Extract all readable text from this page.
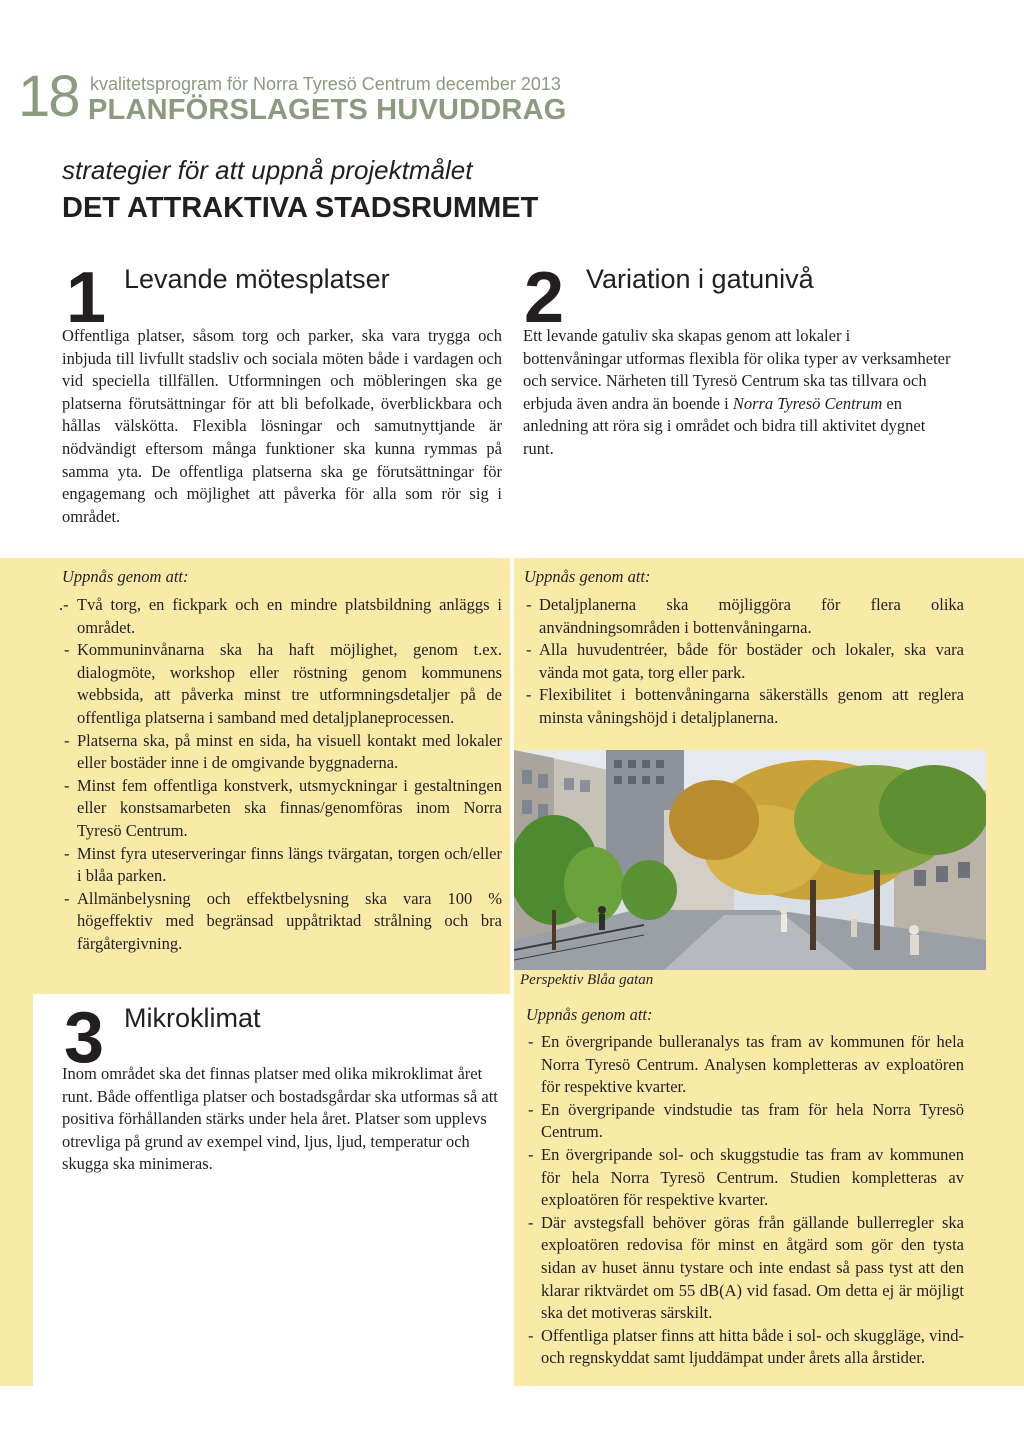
18 kvalitetsprogram för Norra Tyresö Centrum december 2013
PLANFÖRSLAGETS HUVUDDRAG
strategier för att uppnå projektmålet
DET ATTRAKTIVA STADSRUMMET
1 Levande mötesplatser
Offentliga platser, såsom torg och parker, ska vara trygga och inbjuda till livfullt stadsliv och sociala möten både i vardagen och vid speciella tillfällen. Utformningen och möbleringen ska ge platserna förutsättningar för att bli befolkade, överblickbara och hållas välskötta. Flexibla lösningar och samutnyttjande är nödvändigt eftersom många funktioner ska kunna rymmas på samma yta. De offentliga platserna ska ge förutsättningar för engagemang och möjlighet att påverka för alla som rör sig i området.
Uppnås genom att:
.- Två torg, en fickpark och en mindre platsbildning anläggs i området.
- Kommuninvånarna ska ha haft möjlighet, genom t.ex. dialogmöte, workshop eller röstning genom kommunens webbsida, att påverka minst tre utformningsdetaljer på de offentliga platserna i samband med detaljplaneprocessen.
- Platserna ska, på minst en sida, ha visuell kontakt med lokaler eller bostäder inne i de omgivande byggnaderna.
- Minst fem offentliga konstverk, utsmyckningar i gestaltningen eller konstsamarbeten ska finnas/genomföras inom Norra Tyresö Centrum.
- Minst fyra uteserveringar finns längs tvärgatan, torgen och/eller i blåa parken.
- Allmänbelysning och effektbelysning ska vara 100 % högeffektiv med begränsad uppåtriktad strålning och bra färgåtergivning.
2 Variation i gatunivå
Ett levande gatuliv ska skapas genom att lokaler i bottenvåningar utformas flexibla för olika typer av verksamheter och service. Närheten till Tyresö Centrum ska tas tillvara och erbjuda även andra än boende i Norra Tyresö Centrum en anledning att röra sig i området och bidra till aktivitet dygnet runt.
Uppnås genom att:
- Detaljplanerna ska möjliggöra för flera olika användningsområden i bottenvåningarna.
- Alla huvudentréer, både för bostäder och lokaler, ska vara vända mot gata, torg eller park.
- Flexibilitet i bottenvåningarna säkerställs genom att reglera minsta våningshöjd i detaljplanerna.
Perspektiv Blåa gatan
3 Mikroklimat
Inom området ska det finnas platser med olika mikroklimat året runt. Både offentliga platser och bostadsgårdar ska utformas så att positiva förhållanden stärks under hela året. Platser som upplevs otrevliga på grund av exempel vind, ljus, ljud, temperatur och skugga ska minimeras.
Uppnås genom att:
- En övergripande bulleranalys tas fram av kommunen för hela Norra Tyresö Centrum. Analysen kompletteras av exploatören för respektive kvarter.
- En övergripande vindstudie tas fram för hela Norra Tyresö Centrum.
- En övergripande sol- och skuggstudie tas fram av kommunen för hela Norra Tyresö Centrum. Studien kompletteras av exploatören för respektive kvarter.
- Där avstegsfall behöver göras från gällande bullerregler ska exploatören redovisa för minst en åtgärd som gör den tysta sidan av huset ännu tystare och inte endast så pass tyst att den klarar riktvärdet om 55 dB(A) vid fasad. Om detta ej är möjligt ska det motiveras särskilt.
- Offentliga platser finns att hitta både i sol- och skuggläge, vind- och regnskyddat samt ljuddämpat under årets alla årstider.
